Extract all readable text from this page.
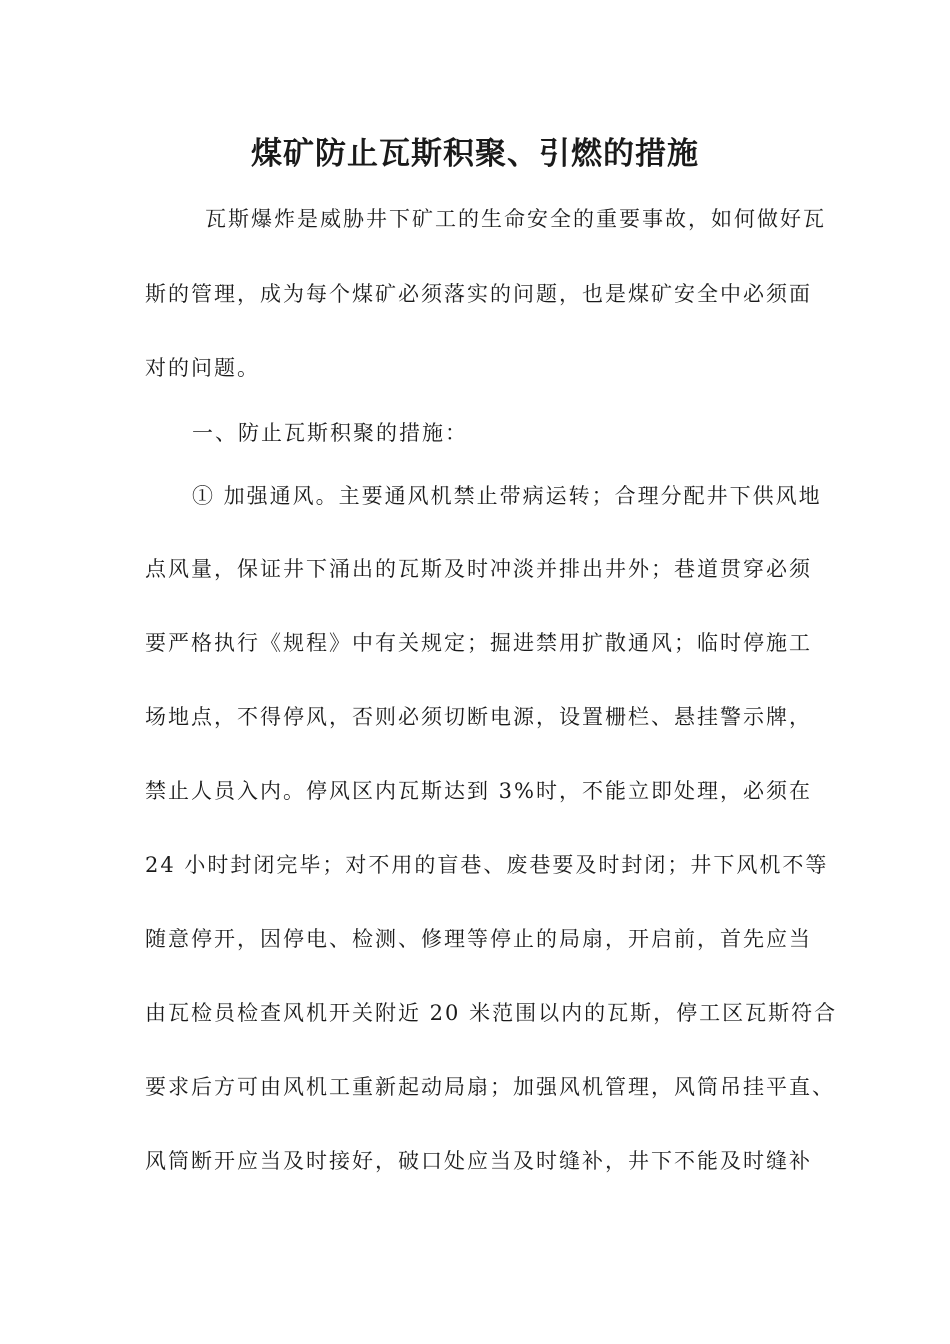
煤矿防止瓦斯积聚、引燃的措施
瓦斯爆炸是威胁井下矿工的生命安全的重要事故，如何做好瓦
斯的管理，成为每个煤矿必须落实的问题，也是煤矿安全中必须面
对的问题。
一、防止瓦斯积聚的措施：
① 加强通风。主要通风机禁止带病运转；合理分配井下供风地
点风量，保证井下涌出的瓦斯及时冲淡并排出井外；巷道贯穿必须
要严格执行《规程》中有关规定；掘进禁用扩散通风；临时停施工
场地点，不得停风，否则必须切断电源，设置栅栏、悬挂警示牌，
禁止人员入内。停风区内瓦斯达到 3%时，不能立即处理，必须在
24 小时封闭完毕；对不用的盲巷、废巷要及时封闭；井下风机不等
随意停开，因停电、检测、修理等停止的局扇，开启前，首先应当
由瓦检员检查风机开关附近 20 米范围以内的瓦斯，停工区瓦斯符合
要求后方可由风机工重新起动局扇；加强风机管理，风筒吊挂平直、
风筒断开应当及时接好，破口处应当及时缝补，井下不能及时缝补
